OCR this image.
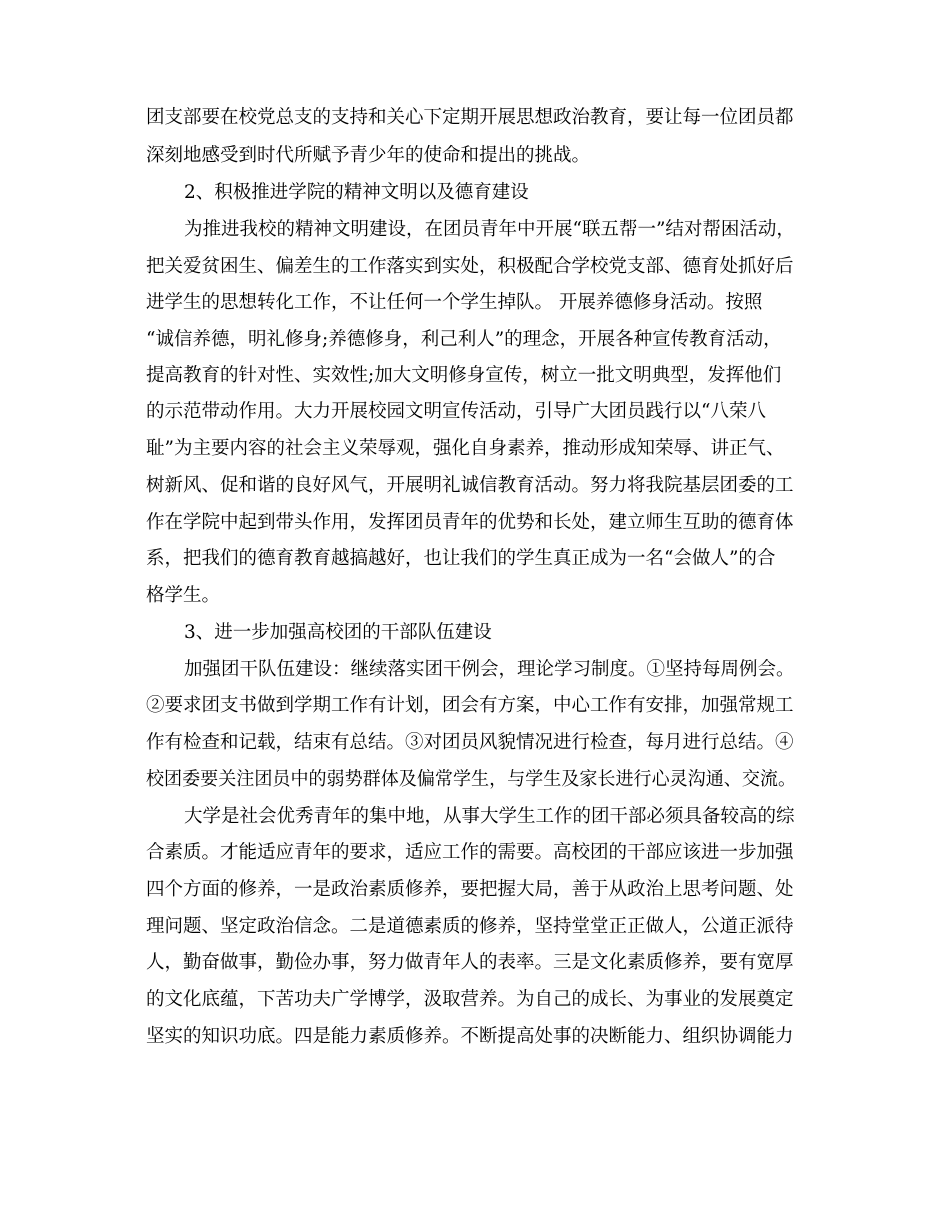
团支部要在校党总支的支持和关心下定期开展思想政治教育，要让每一位团员都

深刻地感受到时代所赋予青少年的使命和提出的挑战。

2、积极推进学院的精神文明以及德育建设

为推进我校的精神文明建设，在团员青年中开展“联五帮一”结对帮困活动，

把关爱贫困生、偏差生的工作落实到实处，积极配合学校党支部、德育处抓好后

进学生的思想转化工作，不让任何一个学生掉队。 开展养德修身活动。按照

“诚信养德，明礼修身;养德修身，利己利人”的理念，开展各种宣传教育活动，

提高教育的针对性、实效性;加大文明修身宣传，树立一批文明典型，发挥他们

的示范带动作用。大力开展校园文明宣传活动，引导广大团员践行以“八荣八

耻”为主要内容的社会主义荣辱观，强化自身素养，推动形成知荣辱、讲正气、

树新风、促和谐的良好风气，开展明礼诚信教育活动。努力将我院基层团委的工

作在学院中起到带头作用，发挥团员青年的优势和长处，建立师生互助的德育体

系，把我们的德育教育越搞越好，也让我们的学生真正成为一名“会做人”的合

格学生。

3、进一步加强高校团的干部队伍建设

加强团干队伍建设：继续落实团干例会，理论学习制度。①坚持每周例会。

②要求团支书做到学期工作有计划，团会有方案，中心工作有安排，加强常规工

作有检查和记载，结束有总结。③对团员风貌情况进行检查，每月进行总结。④

校团委要关注团员中的弱势群体及偏常学生，与学生及家长进行心灵沟通、交流。

大学是社会优秀青年的集中地，从事大学生工作的团干部必须具备较高的综

合素质。才能适应青年的要求，适应工作的需要。高校团的干部应该进一步加强

四个方面的修养，一是政治素质修养，要把握大局，善于从政治上思考问题、处

理问题、坚定政治信念。二是道德素质的修养，坚持堂堂正正做人，公道正派待

人，勤奋做事，勤俭办事，努力做青年人的表率。三是文化素质修养，要有宽厚

的文化底蕴，下苦功夫广学博学，汲取营养。为自己的成长、为事业的发展奠定

坚实的知识功底。四是能力素质修养。不断提高处事的决断能力、组织协调能力
